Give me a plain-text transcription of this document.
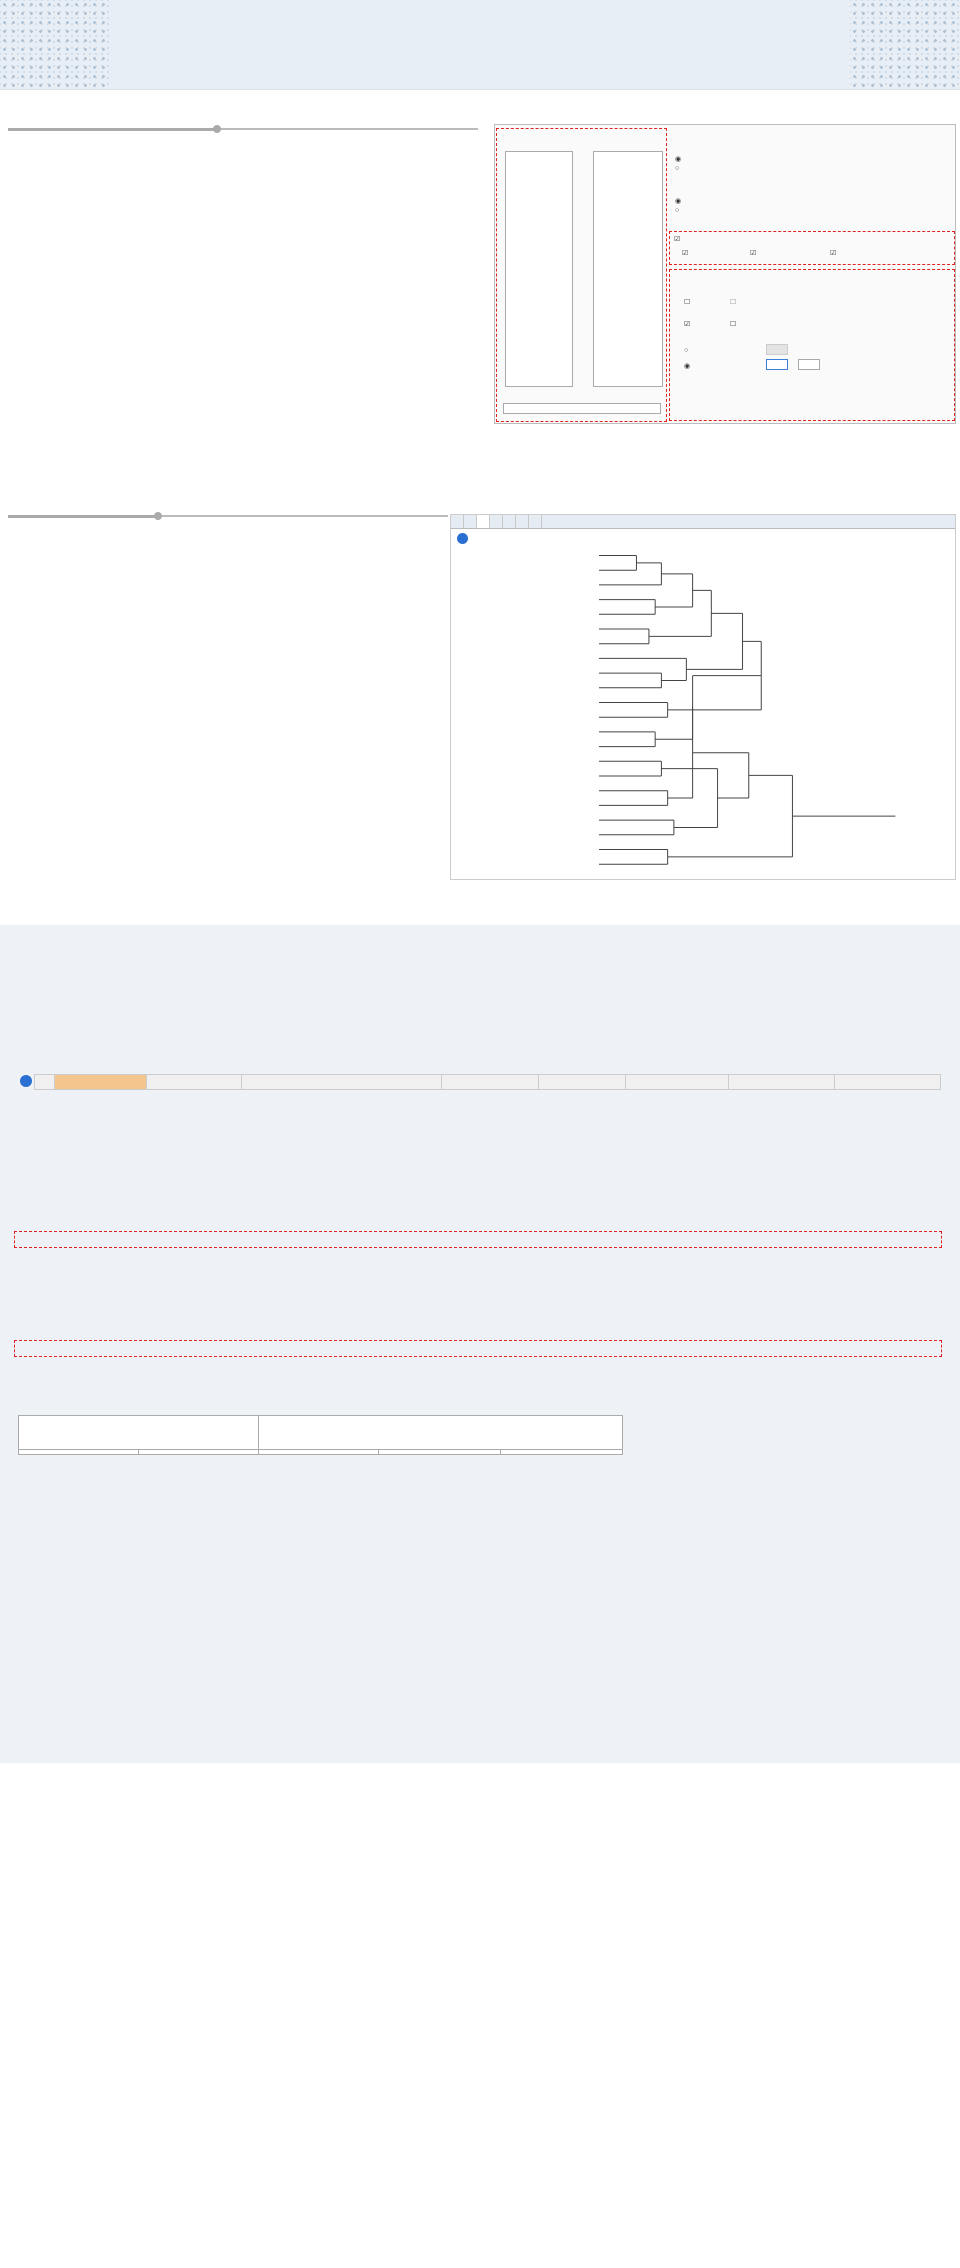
◉
○
◉
○
☑
☑	☑	☑
☐	☐
☑	☐
○
◉
